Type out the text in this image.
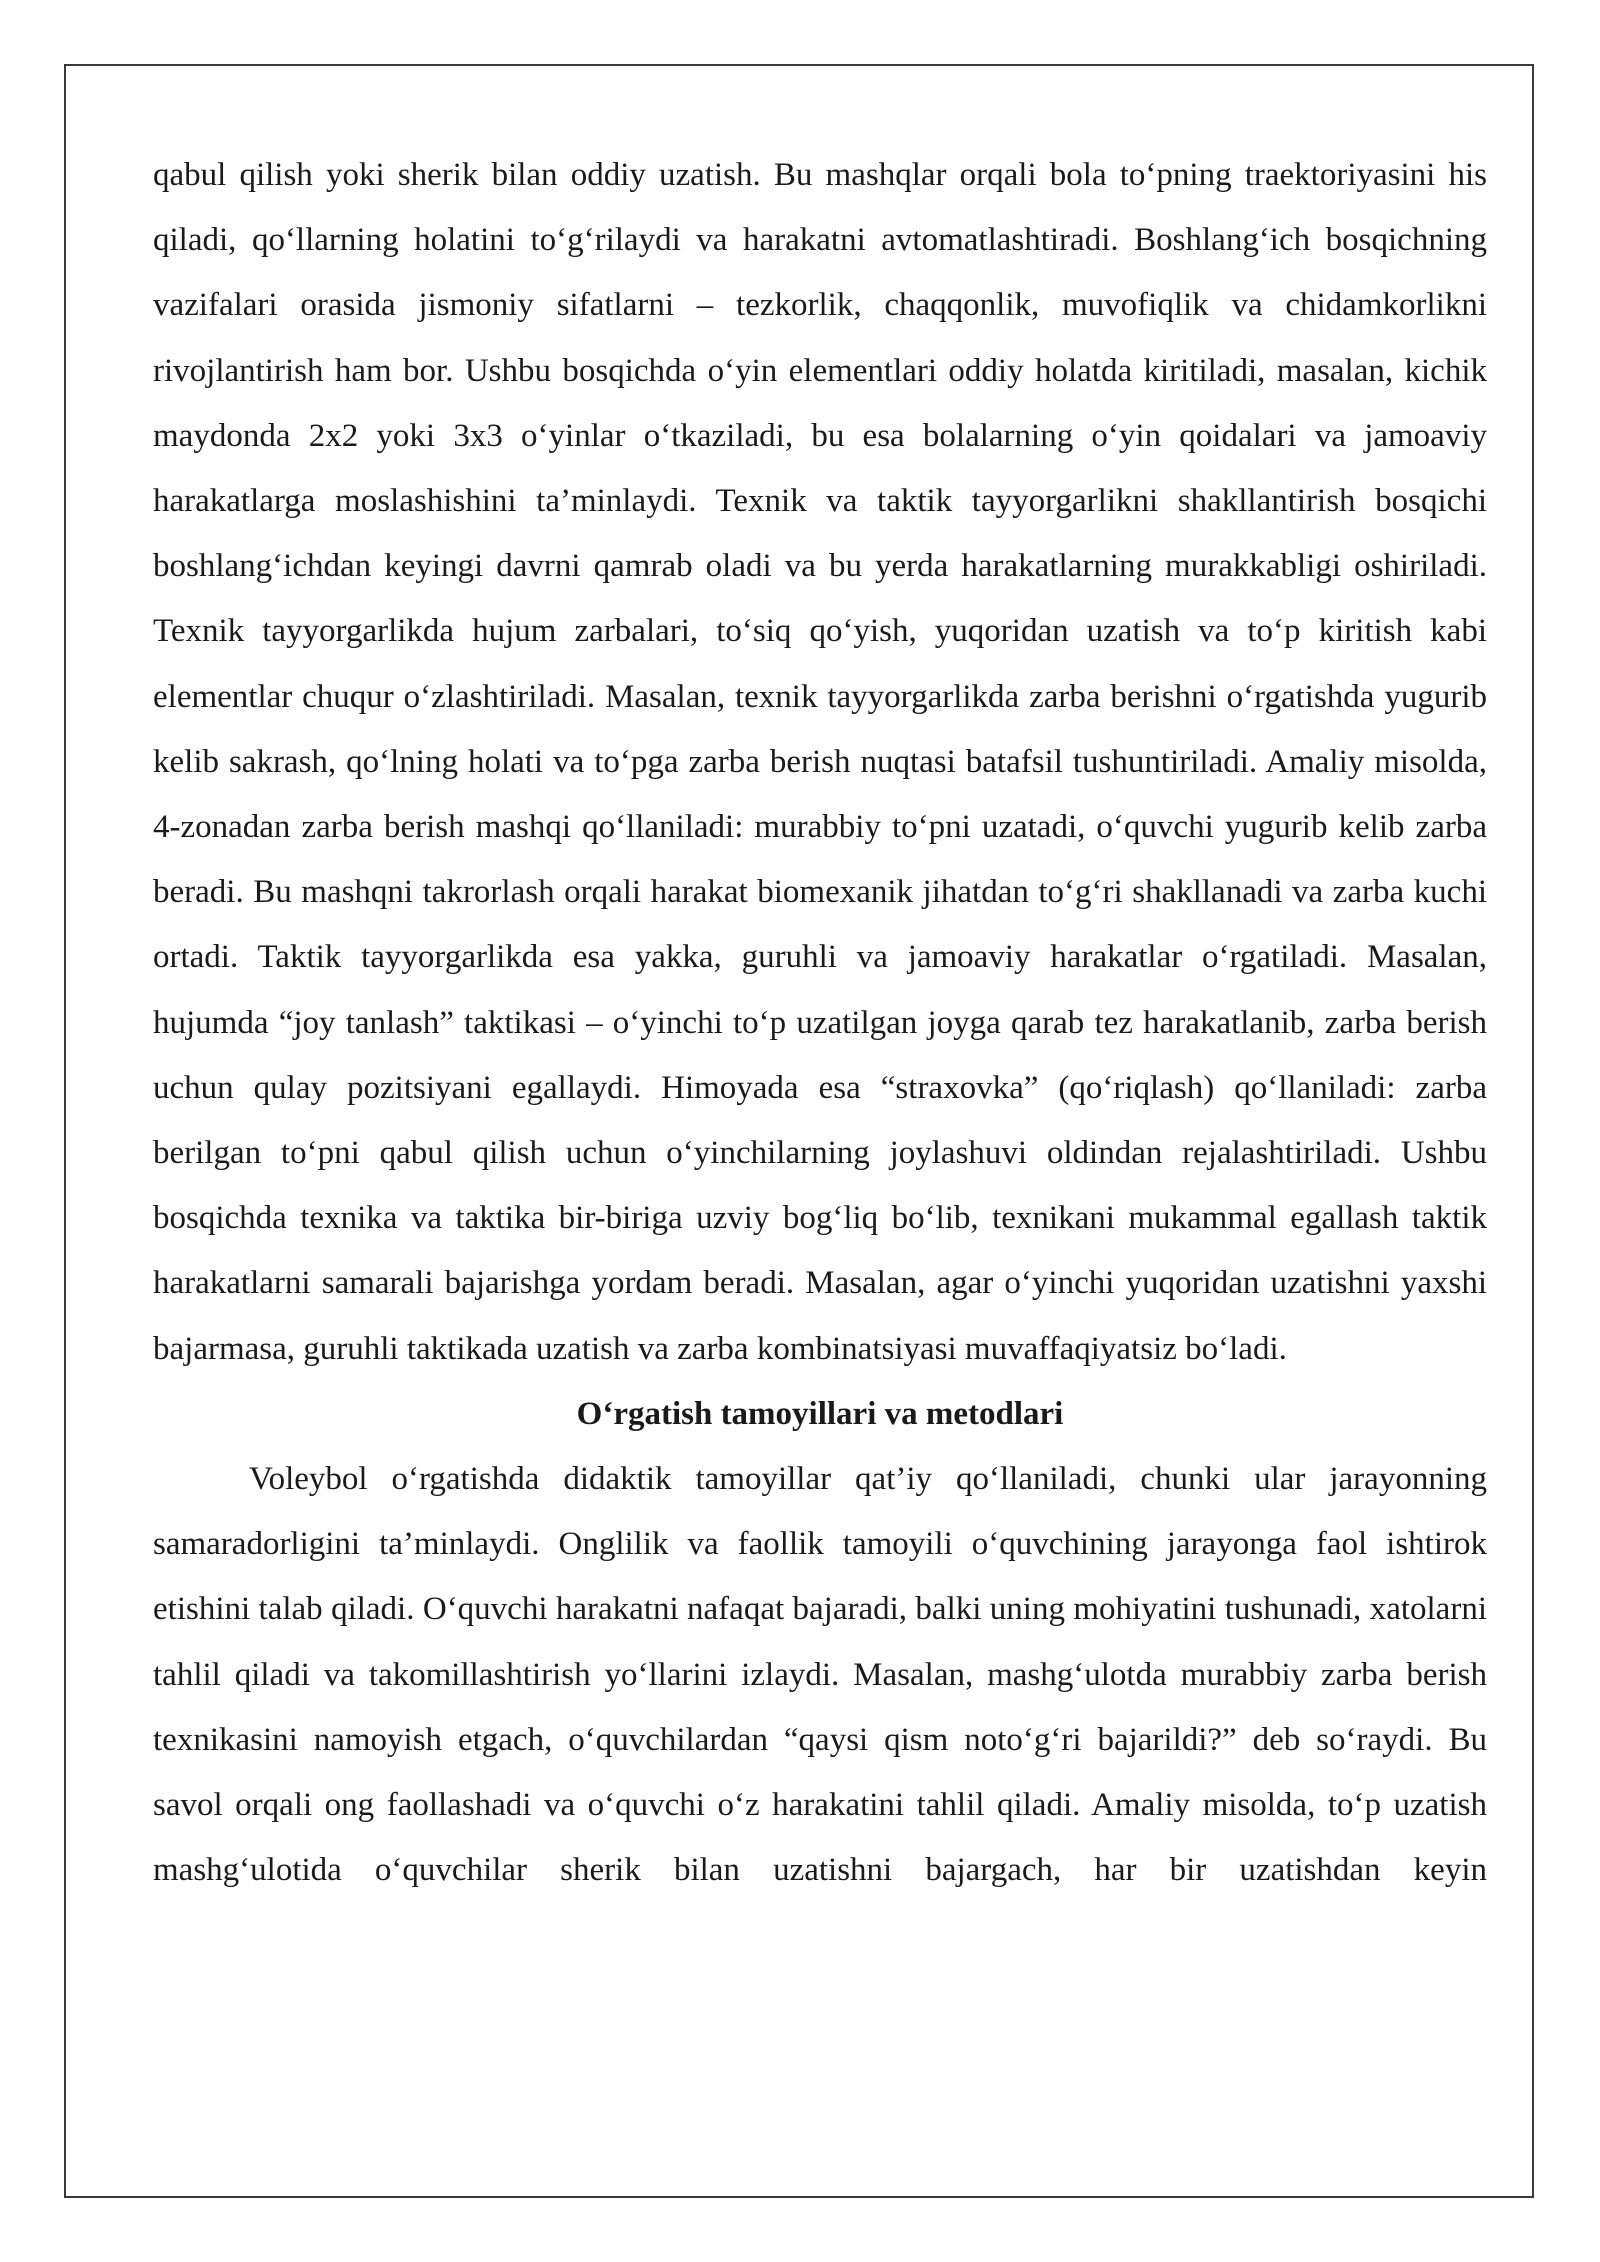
qabul qilish yoki sherik bilan oddiy uzatish. Bu mashqlar orqali bola to‘pning traektoriyasini his qiladi, qo‘llarning holatini to‘g‘rilaydi va harakatni avtomatlashtiradi. Boshlang‘ich bosqichning vazifalari orasida jismoniy sifatlarni – tezkorlik, chaqqonlik, muvofiqlik va chidamkorlikni rivojlantirish ham bor. Ushbu bosqichda o‘yin elementlari oddiy holatda kiritiladi, masalan, kichik maydonda 2x2 yoki 3x3 o‘yinlar o‘tkaziladi, bu esa bolalarning o‘yin qoidalari va jamoaviy harakatlarga moslashishini ta’minlaydi. Texnik va taktik tayyorgarlikni shakllantirish bosqichi boshlang‘ichdan keyingi davrni qamrab oladi va bu yerda harakatlarning murakkabligi oshiriladi. Texnik tayyorgarlikda hujum zarbalari, to‘siq qo‘yish, yuqoridan uzatish va to‘p kiritish kabi elementlar chuqur o‘zlashtiriladi. Masalan, texnik tayyorgarlikda zarba berishni o‘rgatishda yugurib kelib sakrash, qo‘lning holati va to‘pga zarba berish nuqtasi batafsil tushuntiriladi. Amaliy misolda, 4-zonadan zarba berish mashqi qo‘llaniladi: murabbiy to‘pni uzatadi, o‘quvchi yugurib kelib zarba beradi. Bu mashqni takrorlash orqali harakat biomexanik jihatdan to‘g‘ri shakllanadi va zarba kuchi ortadi. Taktik tayyorgarlikda esa yakka, guruhli va jamoaviy harakatlar o‘rgatiladi. Masalan, hujumda “joy tanlash” taktikasi – o‘yinchi to‘p uzatilgan joyga qarab tez harakatlanib, zarba berish uchun qulay pozitsiyani egallaydi. Himoyada esa “straxovka” (qo‘riqlash) qo‘llaniladi: zarba berilgan to‘pni qabul qilish uchun o‘yinchilarning joylashuvi oldindan rejalashtiriladi. Ushbu bosqichda texnika va taktika bir-biriga uzviy bog‘liq bo‘lib, texnikani mukammal egallash taktik harakatlarni samarali bajarishga yordam beradi. Masalan, agar o‘yinchi yuqoridan uzatishni yaxshi bajarmasa, guruhli taktikada uzatish va zarba kombinatsiyasi muvaffaqiyatsiz bo‘ladi.

O‘rgatish tamoyillari va metodlari

Voleybol o‘rgatishda didaktik tamoyillar qat’iy qo‘llaniladi, chunki ular jarayonning samaradorligini ta’minlaydi. Onglilik va faollik tamoyili o‘quvchining jarayonga faol ishtirok etishini talab qiladi. O‘quvchi harakatni nafaqat bajaradi, balki uning mohiyatini tushunadi, xatolarni tahlil qiladi va takomillashtirish yo‘llarini izlaydi. Masalan, mashg‘ulotda murabbiy zarba berish texnikasini namoyish etgach, o‘quvchilardan “qaysi qism noto‘g‘ri bajarildi?” deb so‘raydi. Bu savol orqali ong faollashadi va o‘quvchi o‘z harakatini tahlil qiladi. Amaliy misolda, to‘p uzatish mashg‘ulotida o‘quvchilar sherik bilan uzatishni bajargach, har bir uzatishdan keyin
